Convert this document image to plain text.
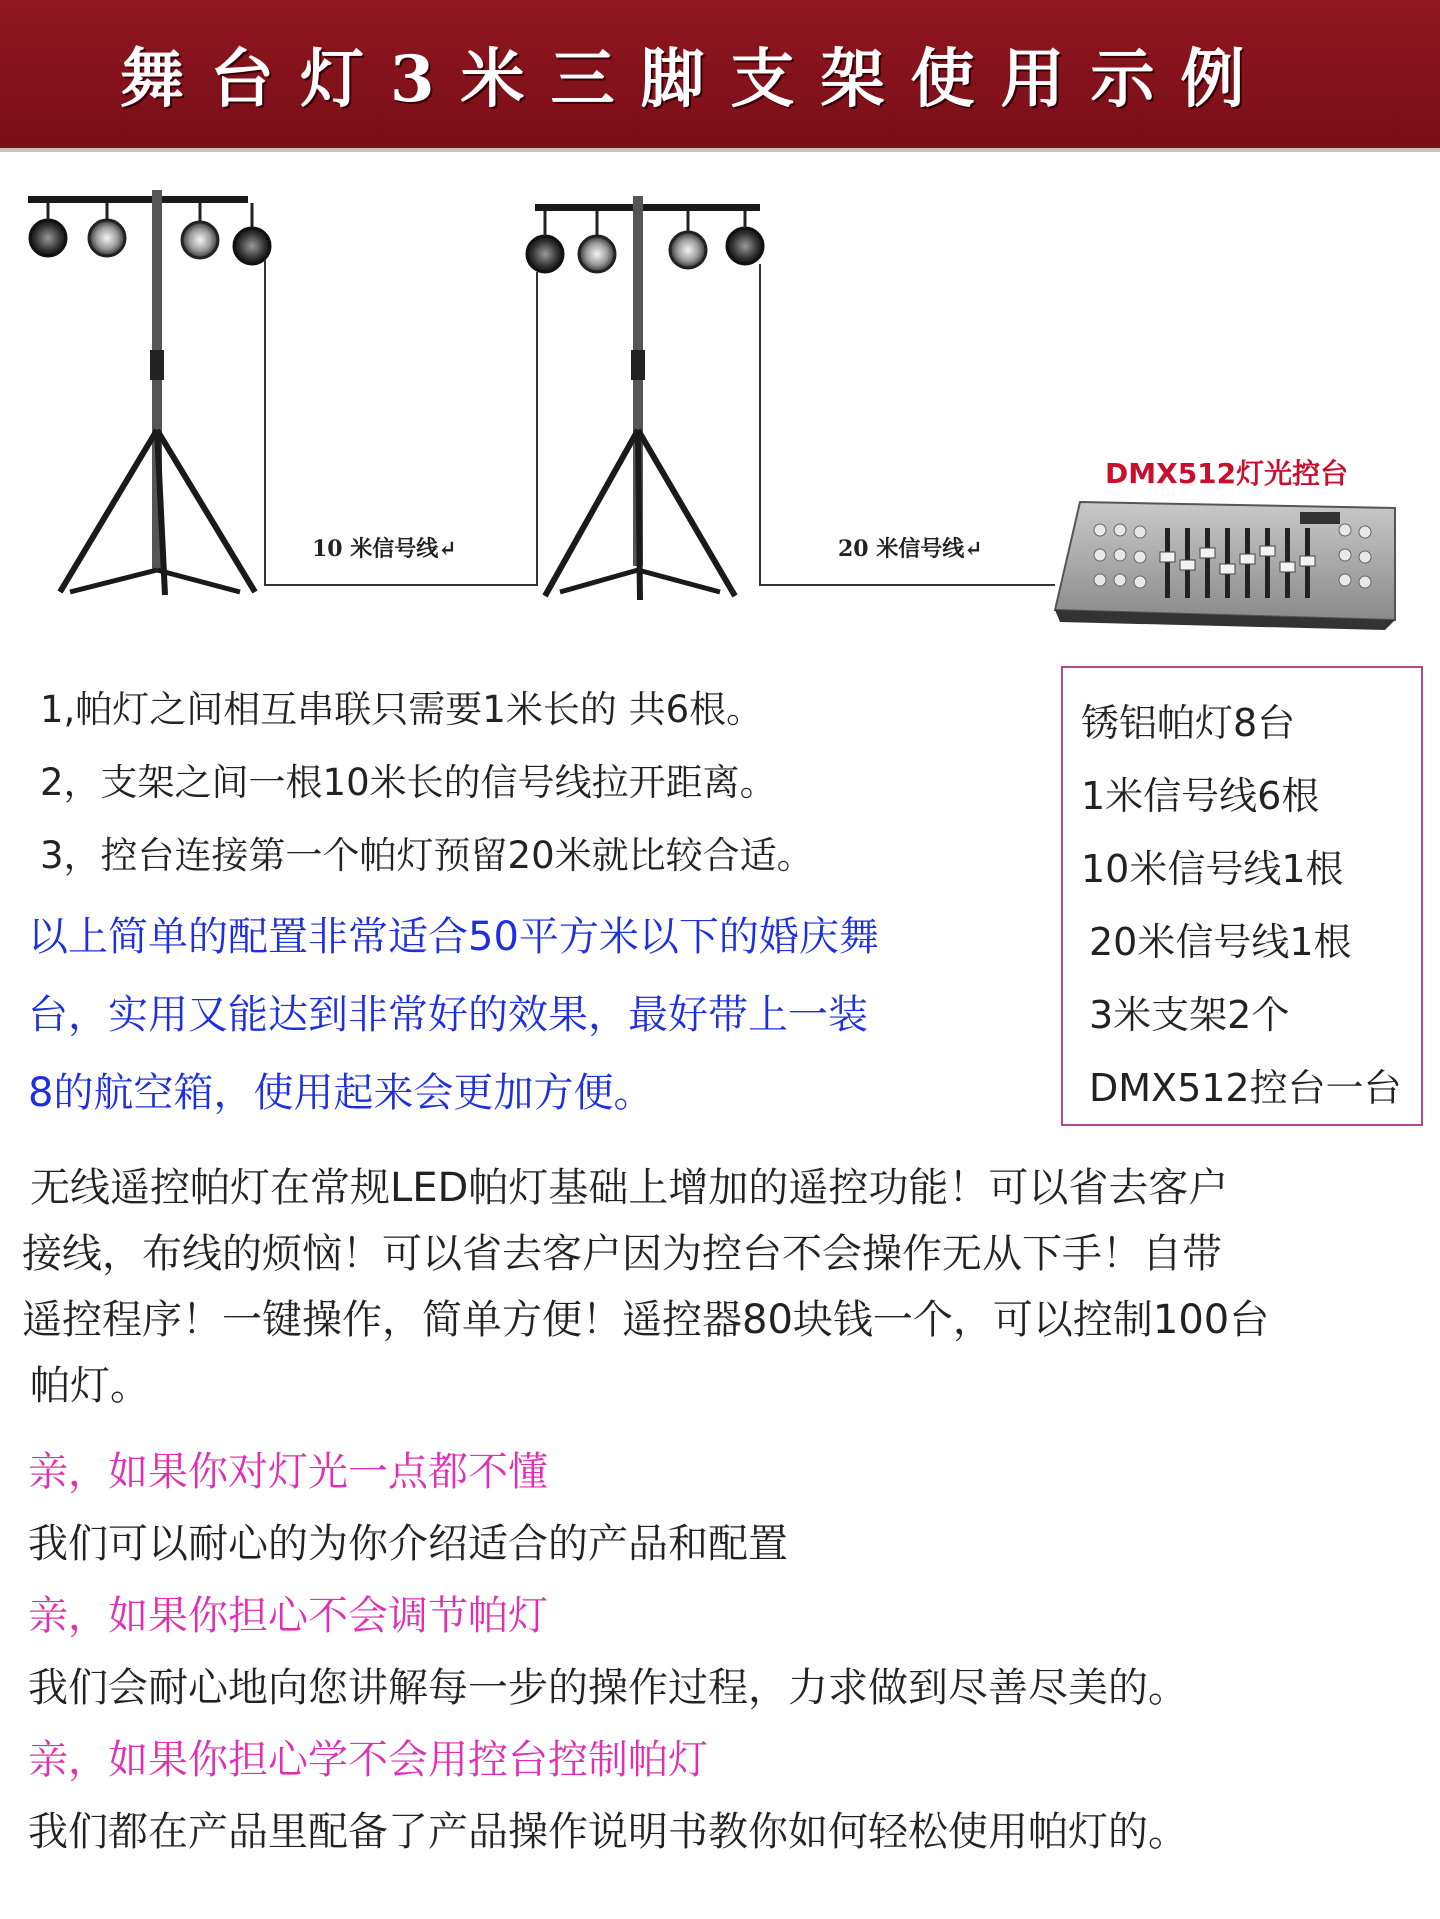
舞台灯3米三脚支架使用示例
10 米信号线↵	20 米信号线↵
DMX512灯光控台
1,帕灯之间相互串联只需要1米长的 共6根。
2，支架之间一根10米长的信号线拉开距离。
3，控台连接第一个帕灯预留20米就比较合适。
以上简单的配置非常适合50平方米以下的婚庆舞
台，实用又能达到非常好的效果，最好带上一装
8的航空箱，使用起来会更加方便。
锈铝帕灯8台
1米信号线6根
10米信号线1根
20米信号线1根
3米支架2个
DMX512控台一台
无线遥控帕灯在常规LED帕灯基础上增加的遥控功能！可以省去客户
接线，布线的烦恼！可以省去客户因为控台不会操作无从下手！自带
遥控程序！一键操作，简单方便！遥控器80块钱一个，可以控制100台
帕灯。
亲，如果你对灯光一点都不懂
我们可以耐心的为你介绍适合的产品和配置
亲，如果你担心不会调节帕灯
我们会耐心地向您讲解每一步的操作过程，力求做到尽善尽美的。
亲，如果你担心学不会用控台控制帕灯
我们都在产品里配备了产品操作说明书教你如何轻松使用帕灯的。
